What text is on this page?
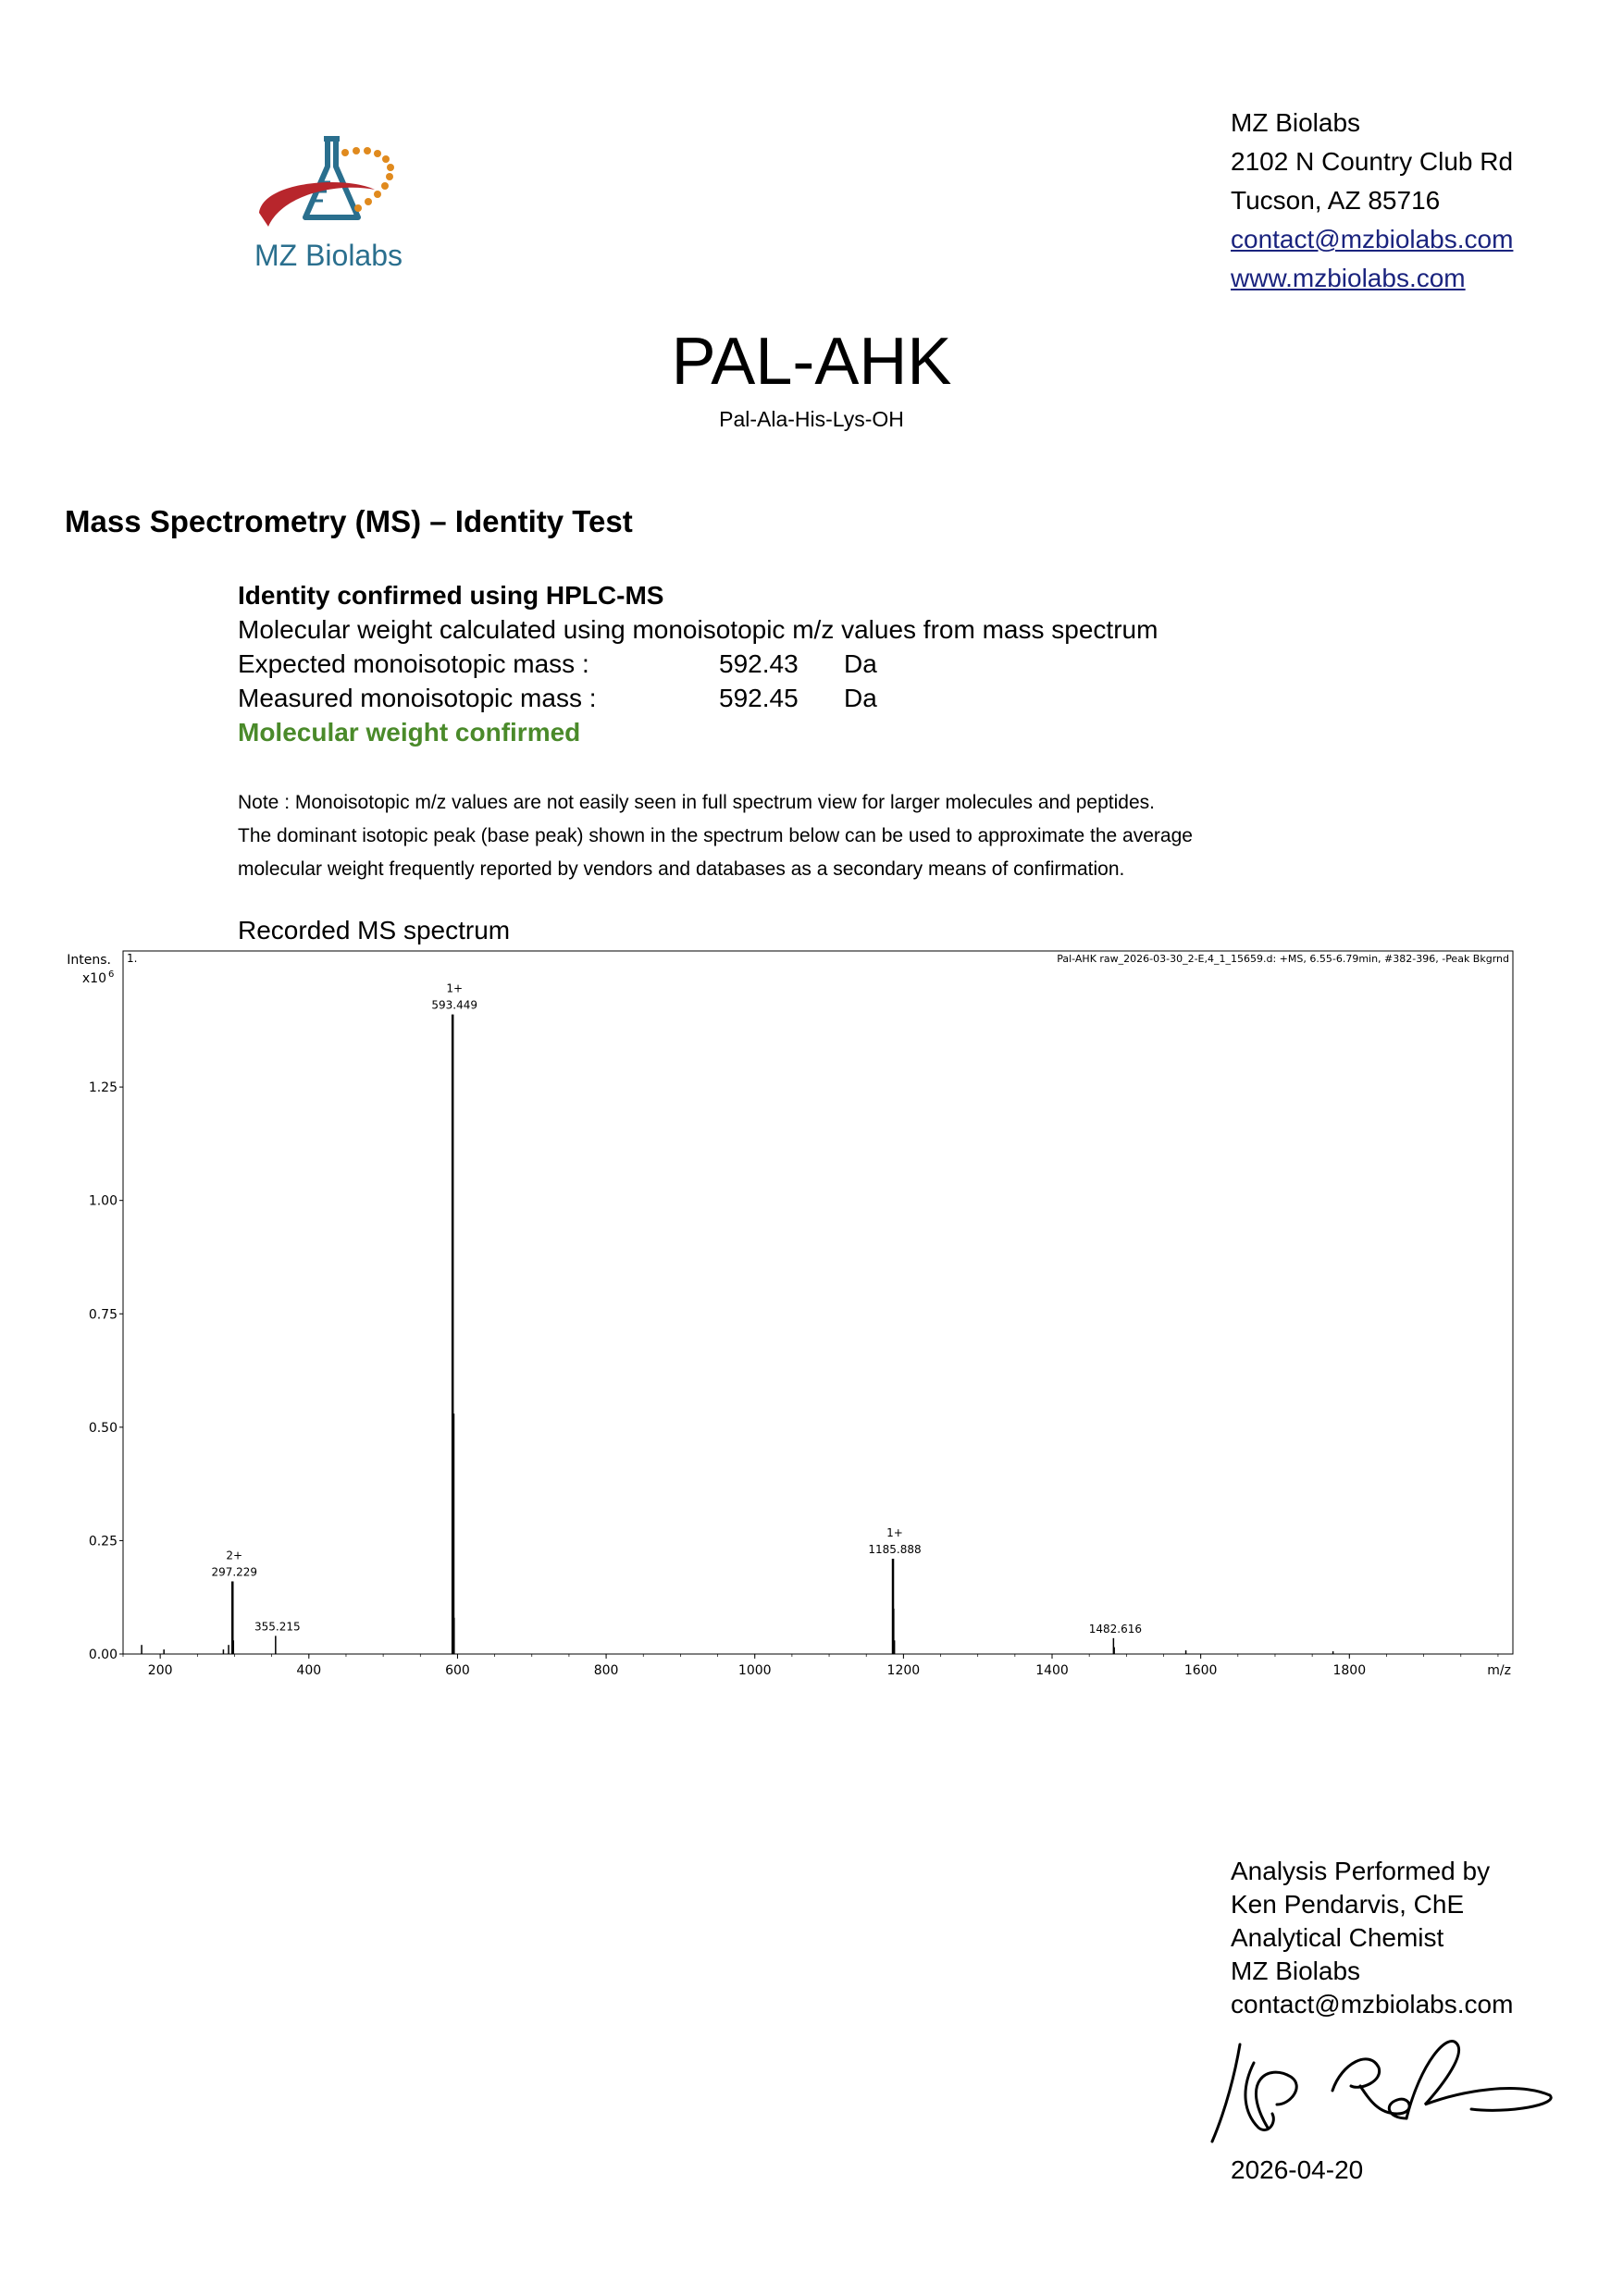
MZ Biolabs
MZ Biolabs
2102 N Country Club Rd
Tucson, AZ 85716
contact@mzbiolabs.com
www.mzbiolabs.com
PAL-AHK
Pal-Ala-His-Lys-OH
Mass Spectrometry (MS) – Identity Test
Identity confirmed using HPLC-MS
Molecular weight calculated using monoisotopic m/z values from mass spectrum
Expected monoisotopic mass :	592.43 Da
Measured monoisotopic mass :	592.45 Da
Molecular weight confirmed
Note : Monoisotopic m/z values are not easily seen in full spectrum view for larger molecules and peptides.
The dominant isotopic peak (base peak) shown in the spectrum below can be used to approximate the average
molecular weight frequently reported by vendors and databases as a secondary means of confirmation.
Recorded MS spectrum
Intens.
x10 6
1.	Pal-AHK raw_2026-03-30_2-E,4_1_15659.d: +MS, 6.55-6.79min, #382-396, -Peak Bkgrnd
0.00
0.25
0.50
0.75
1.00
1.25
200	400	600	800	1000	1200	1400	1600	1800	m/z
297.229
2+
355.215
593.449
1+
1185.888
1+
1482.616
Analysis Performed by
Ken Pendarvis, ChE
Analytical Chemist
MZ Biolabs
contact@mzbiolabs.com
2026-04-20
